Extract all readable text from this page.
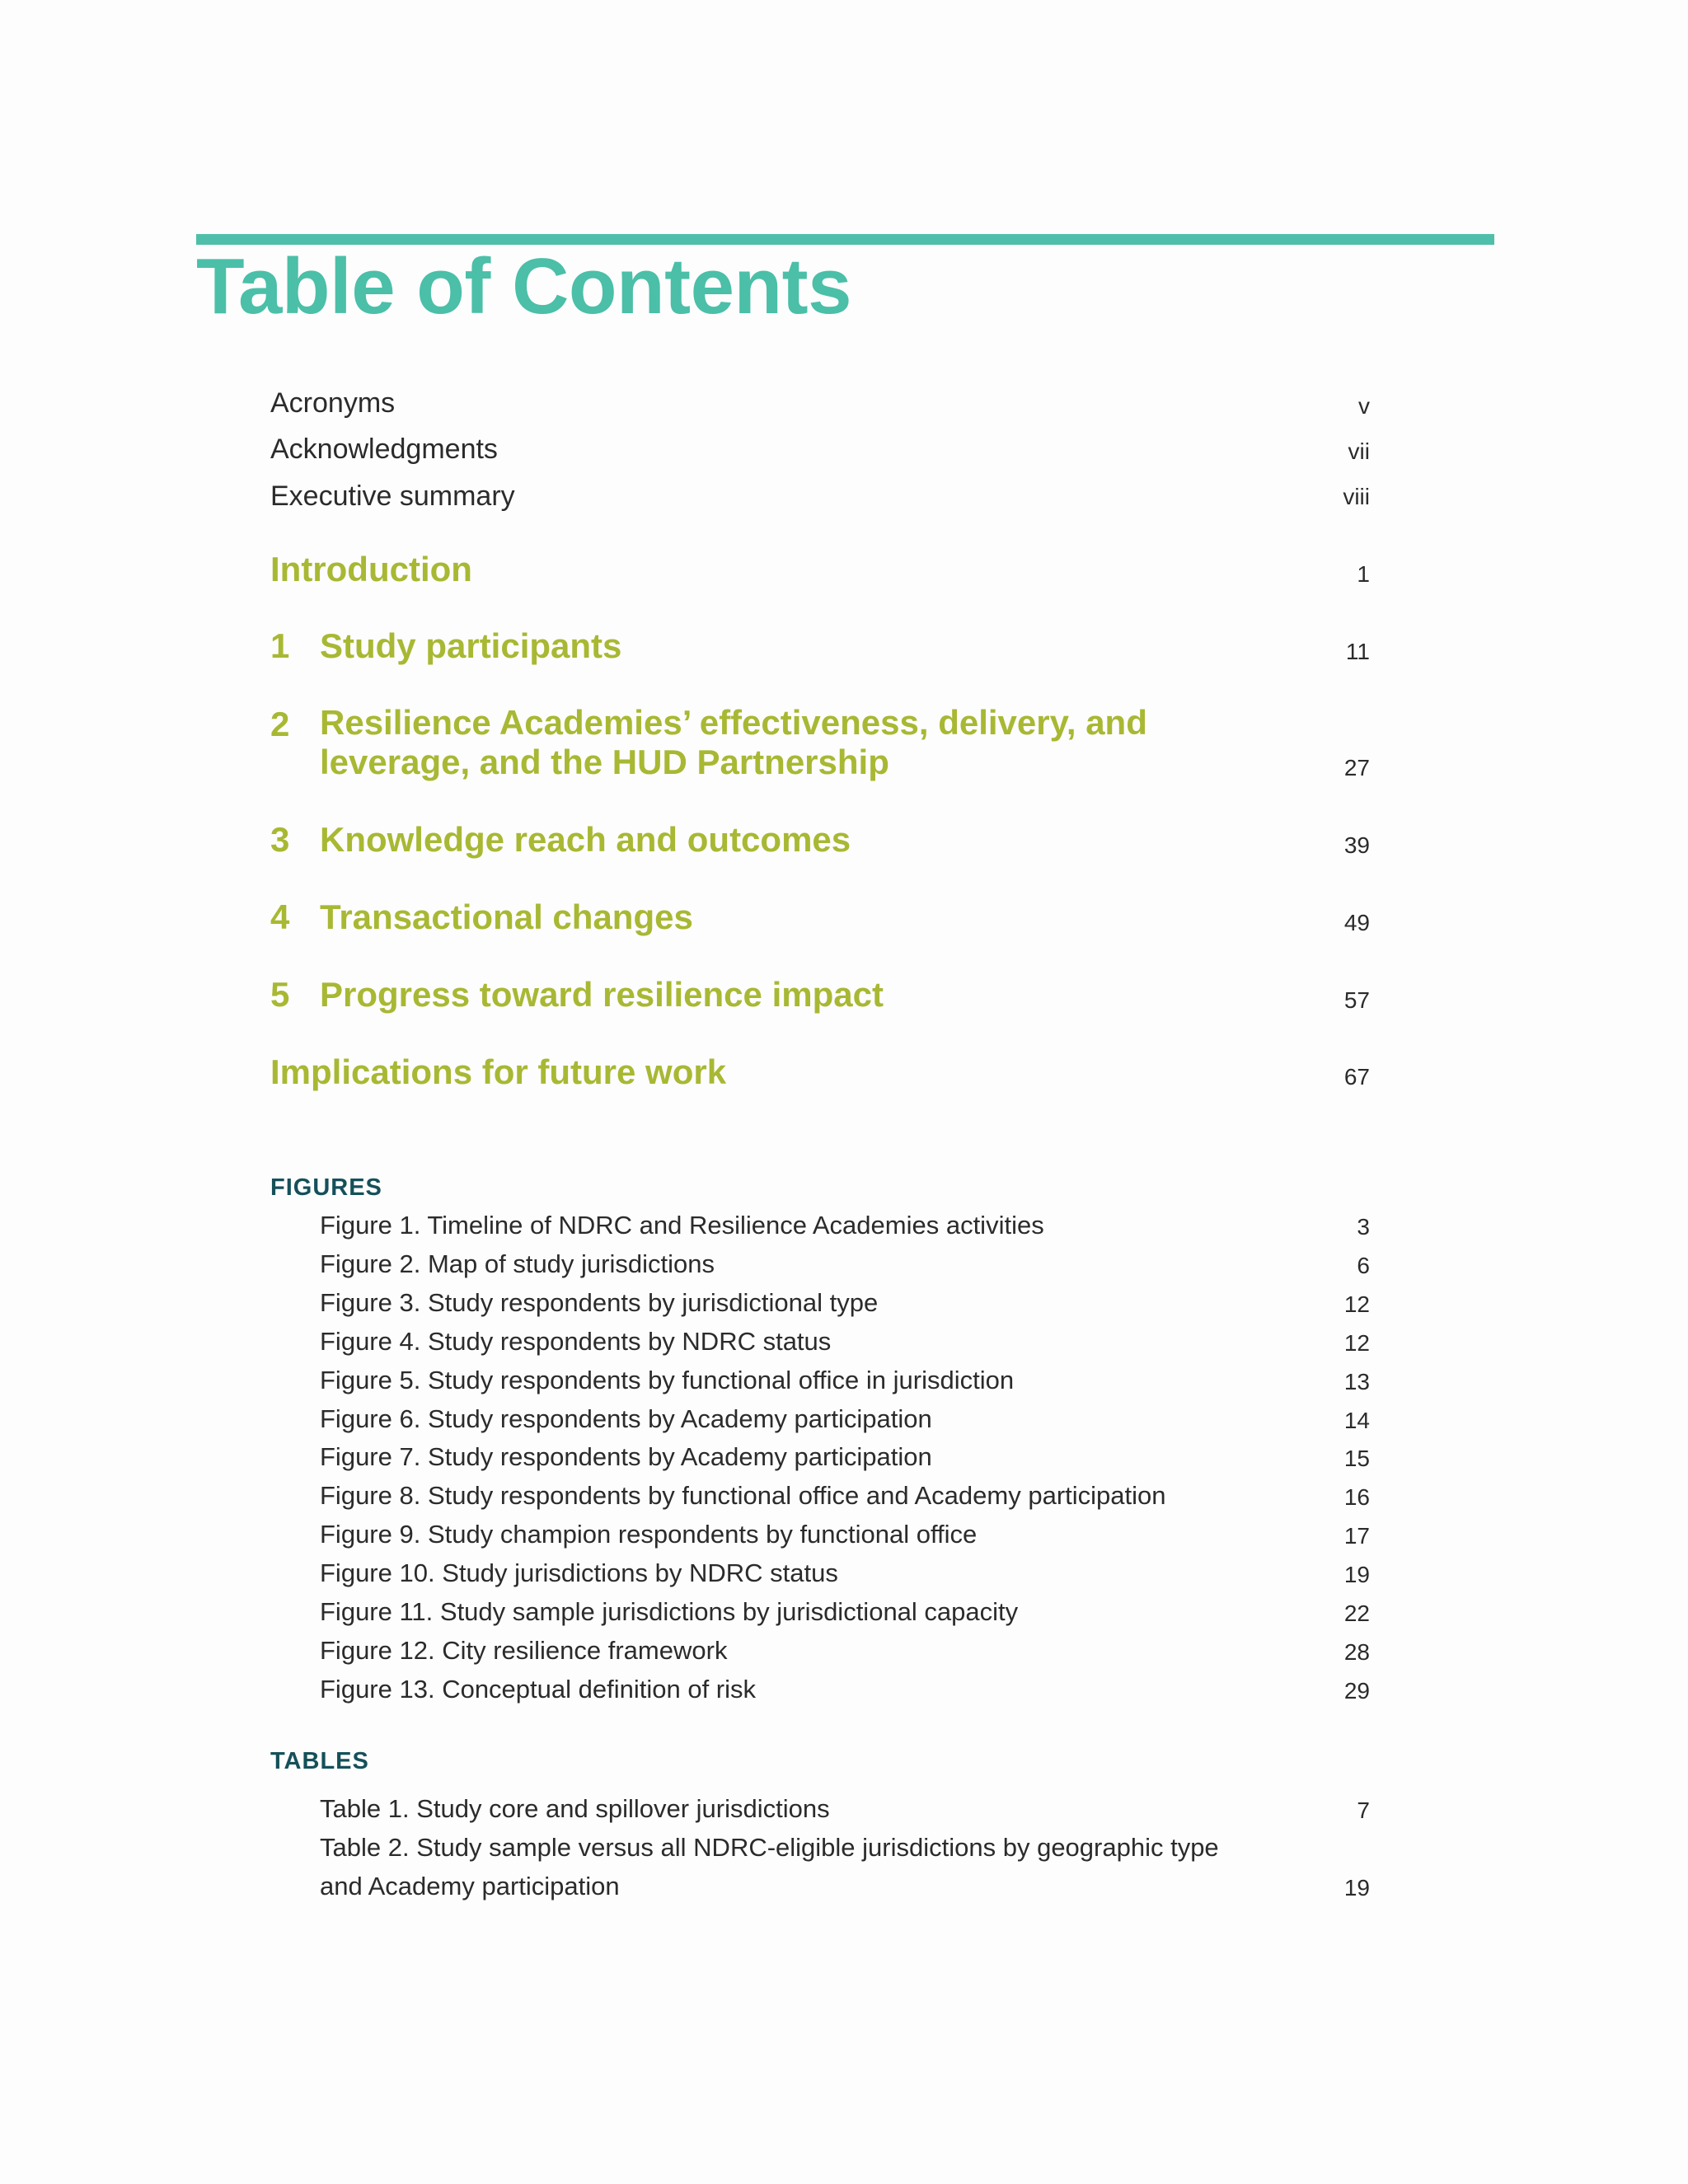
Table of Contents
Acronyms	v
Acknowledgments	vii
Executive summary	viii
Introduction	1
1 Study participants	11
2 Resilience Academies’ effectiveness, delivery, and leverage, and the HUD Partnership	27
3 Knowledge reach and outcomes	39
4 Transactional changes	49
5 Progress toward resilience impact	57
Implications for future work	67
FIGURES
Figure 1. Timeline of NDRC and Resilience Academies activities	3
Figure 2. Map of study jurisdictions	6
Figure 3. Study respondents by jurisdictional type	12
Figure 4. Study respondents by NDRC status	12
Figure 5. Study respondents by functional office in jurisdiction	13
Figure 6. Study respondents by Academy participation	14
Figure 7. Study respondents by Academy participation	15
Figure 8. Study respondents by functional office and Academy participation	16
Figure 9. Study champion respondents by functional office	17
Figure 10. Study jurisdictions by NDRC status	19
Figure 11. Study sample jurisdictions by jurisdictional capacity	22
Figure 12. City resilience framework	28
Figure 13. Conceptual definition of risk	29
TABLES
Table 1. Study core and spillover jurisdictions	7
Table 2. Study sample versus all NDRC-eligible jurisdictions by geographic type and Academy participation	19
